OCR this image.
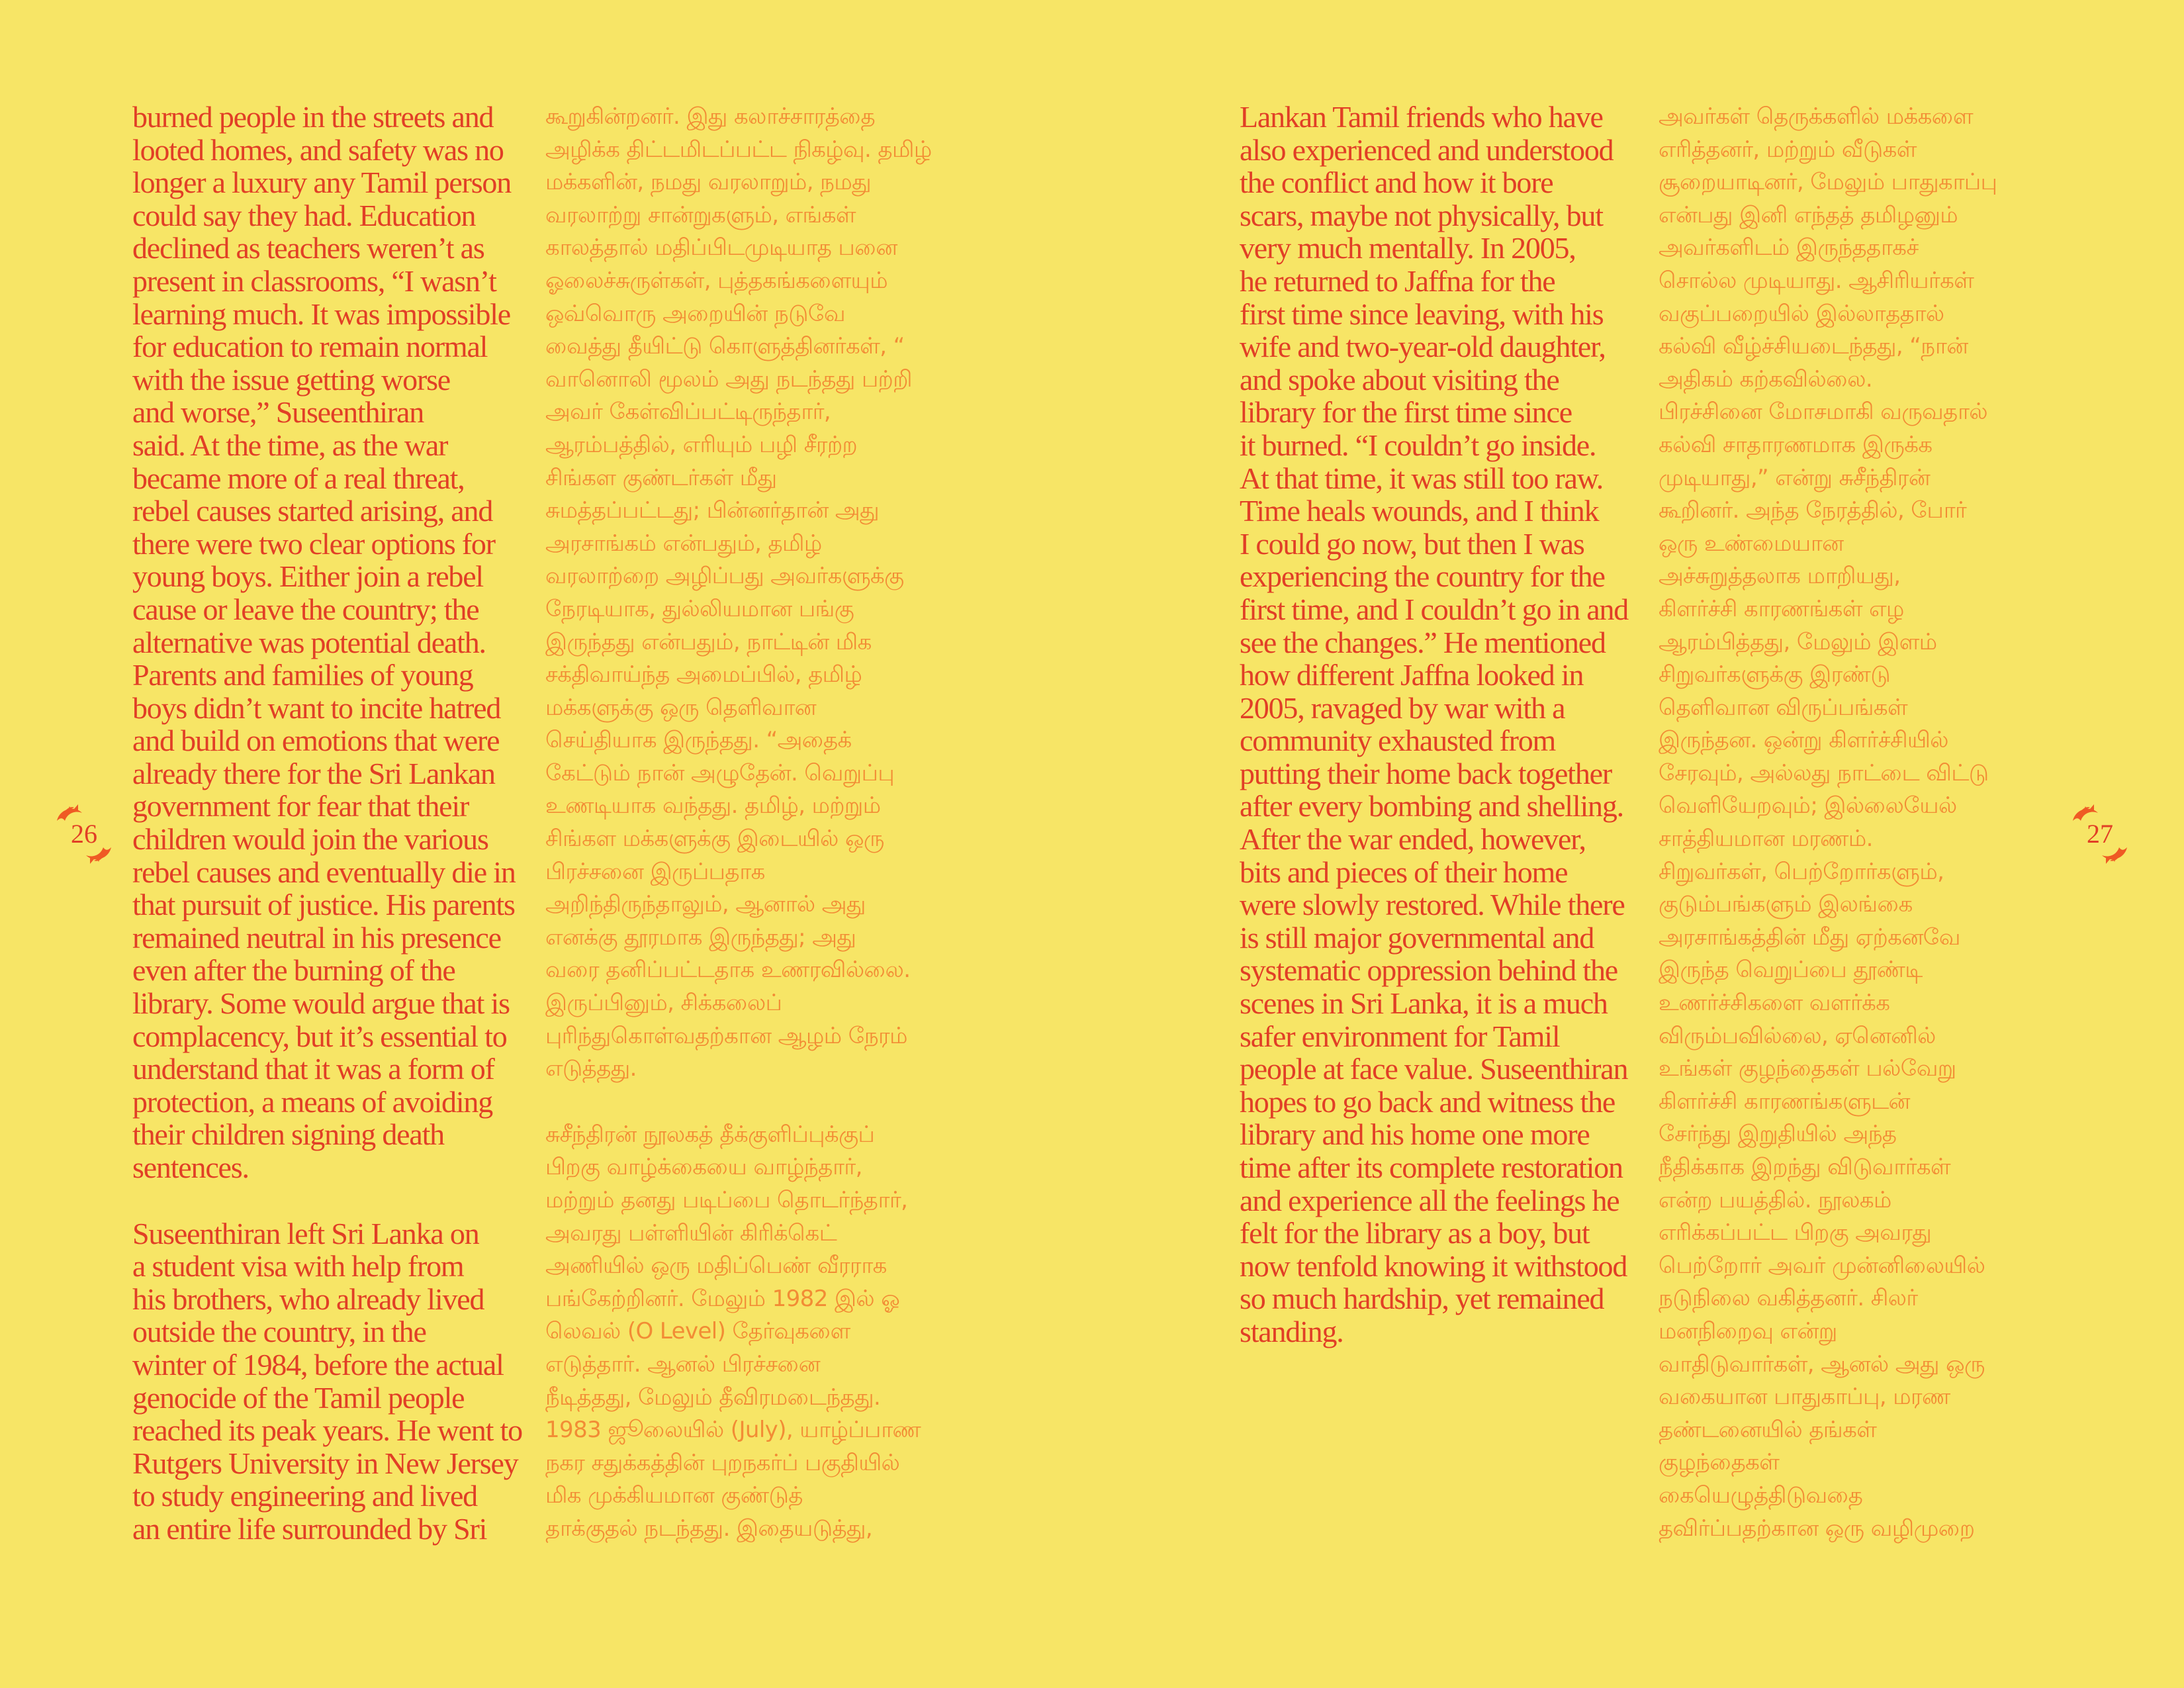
burned people in the streets and
looted homes, and safety was no
longer a luxury any Tamil person
could say they had. Education
declined as teachers weren’t as
present in classrooms, “I wasn’t
learning much. It was impossible
for education to remain normal
with the issue getting worse
and worse,” Suseenthiran
said. At the time, as the war
became more of a real threat,
rebel causes started arising, and
there were two clear options for
young boys. Either join a rebel
cause or leave the country; the
alternative was potential death.
Parents and families of young
boys didn’t want to incite hatred
and build on emotions that were
already there for the Sri Lankan
government for fear that their
children would join the various
rebel causes and eventually die in
that pursuit of justice. His parents
remained neutral in his presence
even after the burning of the
library. Some would argue that is
complacency, but it’s essential to
understand that it was a form of
protection, a means of avoiding
their children signing death
sentences.

Suseenthiran left Sri Lanka on
a student visa with help from
his brothers, who already lived
outside the country, in the
winter of 1984, before the actual
genocide of the Tamil people
reached its peak years. He went to
Rutgers University in New Jersey
to study engineering and lived
an entire life surrounded by Sri

கூறுகின்றனர். இது கலாச்சாரத்தை
அழிக்க திட்டமிடப்பட்ட நிகழ்வு. தமிழ்
மக்களின், நமது வரலாறும், நமது
வரலாற்று சான்றுகளும், எங்கள்
காலத்தால் மதிப்பிடமுடியாத பனை
ஓலைச்சுருள்கள், புத்தகங்களையும்
ஒவ்வொரு அறையின் நடுவே
வைத்து தீயிட்டு கொளுத்தினர்கள், “
வானொலி மூலம் அது நடந்தது பற்றி
அவர் கேள்விப்பட்டிருந்தார்,
ஆரம்பத்தில், எரியும் பழி சீரற்ற
சிங்கள குண்டர்கள் மீது
சுமத்தப்பட்டது; பின்னர்தான் அது
அரசாங்கம் என்பதும், தமிழ்
வரலாற்றை அழிப்பது அவர்களுக்கு
நேரடியாக, துல்லியமான பங்கு
இருந்தது என்பதும், நாட்டின் மிக
சக்திவாய்ந்த அமைப்பில், தமிழ்
மக்களுக்கு ஒரு தெளிவான
செய்தியாக இருந்தது. “அதைக்
கேட்டும் நான் அழுதேன். வெறுப்பு
உணடியாக வந்தது. தமிழ், மற்றும்
சிங்கள மக்களுக்கு இடையில் ஒரு
பிரச்சனை இருப்பதாக
அறிந்திருந்தாலும், ஆனால் அது
எனக்கு தூரமாக இருந்தது; அது
வரை தனிப்பட்டதாக உணரவில்லை.
இருப்பினும், சிக்கலைப்
புரிந்துகொள்வதற்கான ஆழம் நேரம்
எடுத்தது.

சுசீந்திரன் நூலகத் தீக்குளிப்புக்குப்
பிறகு வாழ்க்கையை வாழ்ந்தார்,
மற்றும் தனது படிப்பை தொடர்ந்தார்,
அவரது பள்ளியின் கிரிக்கெட்
அணியில் ஒரு மதிப்பெண் வீரராக
பங்கேற்றினர். மேலும் 1982 இல் ஓ
லெவல் (O Level) தேர்வுகளை
எடுத்தார். ஆனல் பிரச்சனை
நீடித்தது, மேலும் தீவிரமடைந்தது.
1983 ஜூலையில் (July), யாழ்ப்பாண
நகர சதுக்கத்தின் புறநகர்ப் பகுதியில்
மிக முக்கியமான குண்டுத்
தாக்குதல் நடந்தது. இதையடுத்து,

Lankan Tamil friends who have
also experienced and understood
the conflict and how it bore
scars, maybe not physically, but
very much mentally. In 2005,
he returned to Jaffna for the
first time since leaving, with his
wife and two-year-old daughter,
and spoke about visiting the
library for the first time since
it burned. “I couldn’t go inside.
At that time, it was still too raw.
Time heals wounds, and I think
I could go now, but then I was
experiencing the country for the
first time, and I couldn’t go in and
see the changes.” He mentioned
how different Jaffna looked in
2005, ravaged by war with a
community exhausted from
putting their home back together
after every bombing and shelling.
After the war ended, however,
bits and pieces of their home
were slowly restored. While there
is still major governmental and
systematic oppression behind the
scenes in Sri Lanka, it is a much
safer environment for Tamil
people at face value. Suseenthiran
hopes to go back and witness the
library and his home one more
time after its complete restoration
and experience all the feelings he
felt for the library as a boy, but
now tenfold knowing it withstood
so much hardship, yet remained
standing.

அவர்கள் தெருக்களில் மக்களை
எரித்தனர், மற்றும் வீடுகள்
சூறையாடினர், மேலும் பாதுகாப்பு
என்பது இனி எந்தத் தமிழனும்
அவர்களிடம் இருந்ததாகச்
சொல்ல முடியாது. ஆசிரியர்கள்
வகுப்பறையில் இல்லாததால்
கல்வி வீழ்ச்சியடைந்தது, “நான்
அதிகம் கற்கவில்லை.
பிரச்சினை மோசமாகி வருவதால்
கல்வி சாதாரணமாக இருக்க
முடியாது,” என்று சுசீந்திரன்
கூறினர். அந்த நேரத்தில், போர்
ஒரு உண்மையான
அச்சுறுத்தலாக மாறியது,
கிளர்ச்சி காரணங்கள் எழ
ஆரம்பித்தது, மேலும் இளம்
சிறுவர்களுக்கு இரண்டு
தெளிவான விருப்பங்கள்
இருந்தன. ஒன்று கிளர்ச்சியில்
சேரவும், அல்லது நாட்டை விட்டு
வெளியேறவும்; இல்லையேல்
சாத்தியமான மரணம்.
சிறுவர்கள், பெற்றோர்களும்,
குடும்பங்களும் இலங்கை
அரசாங்கத்தின் மீது ஏற்கனவே
இருந்த வெறுப்பை தூண்டி
உணர்ச்சிகளை வளர்க்க
விரும்பவில்லை, ஏனெனில்
உங்கள் குழந்தைகள் பல்வேறு
கிளர்ச்சி காரணங்களுடன்
சேர்ந்து இறுதியில் அந்த
நீதிக்காக இறந்து விடுவார்கள்
என்ற பயத்தில். நூலகம்
எரிக்கப்பட்ட பிறகு அவரது
பெற்றோர் அவர் முன்னிலையில்
நடுநிலை வகித்தனர். சிலர்
மனநிறைவு என்று
வாதிடுவார்கள், ஆனல் அது ஒரு
வகையான பாதுகாப்பு, மரண
தண்டனையில் தங்கள்
குழந்தைகள்
கையெழுத்திடுவதை
தவிர்ப்பதற்கான ஒரு வழிமுறை

26	27
